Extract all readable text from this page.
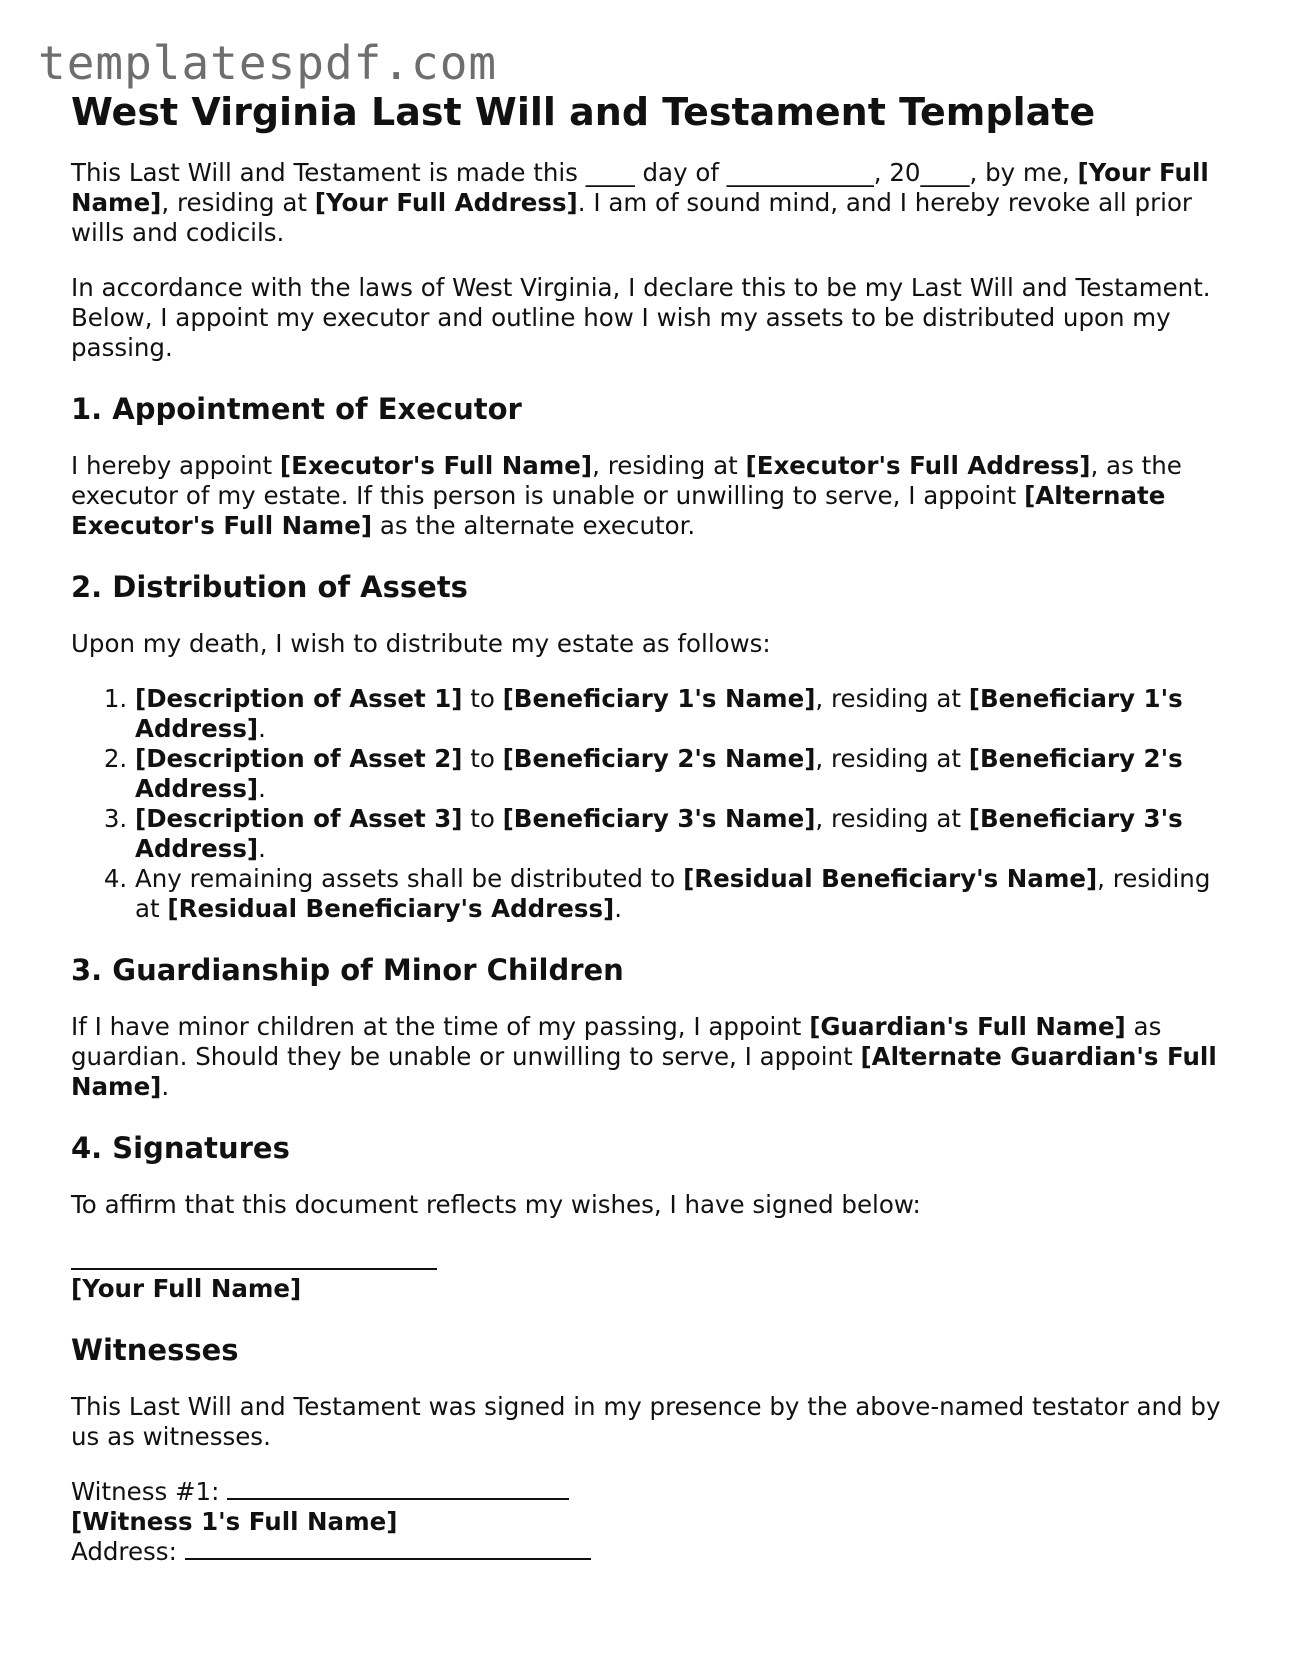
templatespdf.com
West Virginia Last Will and Testament Template

This Last Will and Testament is made this ____ day of ____________, 20____, by me, [Your Full Name], residing at [Your Full Address]. I am of sound mind, and I hereby revoke all prior wills and codicils.

In accordance with the laws of West Virginia, I declare this to be my Last Will and Testament. Below, I appoint my executor and outline how I wish my assets to be distributed upon my passing.

1. Appointment of Executor

I hereby appoint [Executor's Full Name], residing at [Executor's Full Address], as the executor of my estate. If this person is unable or unwilling to serve, I appoint [Alternate Executor's Full Name] as the alternate executor.

2. Distribution of Assets

Upon my death, I wish to distribute my estate as follows:

1. [Description of Asset 1] to [Beneficiary 1's Name], residing at [Beneficiary 1's Address].
2. [Description of Asset 2] to [Beneficiary 2's Name], residing at [Beneficiary 2's Address].
3. [Description of Asset 3] to [Beneficiary 3's Name], residing at [Beneficiary 3's Address].
4. Any remaining assets shall be distributed to [Residual Beneficiary's Name], residing at [Residual Beneficiary's Address].
3. Guardianship of Minor Children

If I have minor children at the time of my passing, I appoint [Guardian's Full Name] as guardian. Should they be unable or unwilling to serve, I appoint [Alternate Guardian's Full Name].

4. Signatures

To affirm that this document reflects my wishes, I have signed below:

[Your Full Name]

Witnesses

This Last Will and Testament was signed in my presence by the above-named testator and by us as witnesses.

Witness #1:

[Witness 1's Full Name]

Address:
